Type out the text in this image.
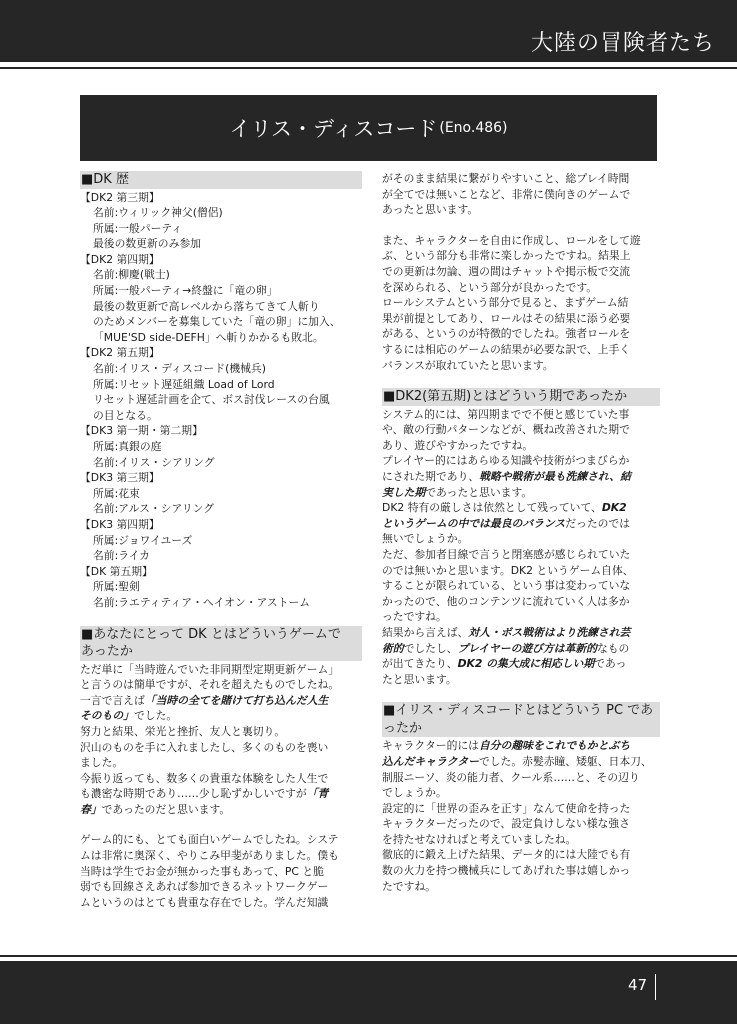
大陸の冒険者たち
イリス・ディスコード (Eno.486)
■DK 歴

【DK2 第三期】

名前:ウィリック神父(僧侶)

所属:一般パーティ

最後の数更新のみ参加

【DK2 第四期】

名前:柳慶(戦士)

所属:一般パーティ→終盤に「竜の卵」

最後の数更新で高レベルから落ちてきて人斬り

のためメンバーを募集していた「竜の卵」に加入、

「MUE'SD side-DEFH」へ斬りかかるも敗北。

【DK2 第五期】

名前:イリス・ディスコード(機械兵)

所属:リセット遅延組織 Load of Lord

リセット遅延計画を企て、ボス討伐レースの台風

の目となる。

【DK3 第一期・第二期】

所属:真銀の庭

名前:イリス・シアリング

【DK3 第三期】

所属:花束

名前:アルス・シアリング

【DK3 第四期】

所属:ジョワイユーズ

名前:ライカ

【DK 第五期】

所属:聖剣

名前:ラエティティア・ヘイオン・アストーム

■あなたにとって DK とはどういうゲームで
あったか

ただ単に「当時遊んでいた非同期型定期更新ゲーム」

と言うのは簡単ですが、それを超えたものでしたね。

一言で言えば「当時の全てを賭けて打ち込んだ人生

そのもの」でした。

努力と結果、栄光と挫折、友人と裏切り。

沢山のものを手に入れましたし、多くのものを喪い

ました。

今振り返っても、数多くの貴重な体験をした人生で

も濃密な時期であり……少し恥ずかしいですが「青

春」であったのだと思います。

ゲーム的にも、とても面白いゲームでしたね。システ

ムは非常に奥深く、やりこみ甲斐がありました。僕も

当時は学生でお金が無かった事もあって、PC と脆

弱でも回線さえあれば参加できるネットワークゲー

ムというのはとても貴重な存在でした。学んだ知識

がそのまま結果に繋がりやすいこと、総プレイ時間

が全てでは無いことなど、非常に僕向きのゲームで

あったと思います。

また、キャラクターを自由に作成し、ロールをして遊

ぶ、という部分も非常に楽しかったですね。結果上

での更新は勿論、週の間はチャットや掲示板で交流

を深められる、という部分が良かったです。

ロールシステムという部分で見ると、まずゲーム結

果が前提としてあり、ロールはその結果に添う必要

がある、というのが特徴的でしたね。強者ロールを

するには相応のゲームの結果が必要な訳で、上手く

バランスが取れていたと思います。

■DK2(第五期)とはどういう期であったか

システム的には、第四期までで不便と感じていた事

や、敵の行動パターンなどが、概ね改善された期で

あり、遊びやすかったですね。

プレイヤー的にはあらゆる知識や技術がつまびらか

にされた期であり、戦略や戦術が最も洗練され、結

実した期であったと思います。

DK2 特有の厳しさは依然として残っていて、DK2

というゲームの中では最良のバランスだったのでは

無いでしょうか。

ただ、参加者目線で言うと閉塞感が感じられていた

のでは無いかと思います。DK2 というゲーム自体、

することが限られている、という事は変わっていな

かったので、他のコンテンツに流れていく人は多か

ったですね。

結果から言えば、対人・ボス戦術はより洗練され芸

術的でしたし、プレイヤーの遊び方は革新的なもの

が出てきたり、DK2 の集大成に相応しい期であっ

たと思います。

■イリス・ディスコードとはどういう PC であ
ったか

キャラクター的には自分の趣味をこれでもかとぶち

込んだキャラクターでした。赤髪赤瞳、矮躯、日本刀、

制服ニーソ、炎の能力者、クール系……と、その辺り

でしょうか。

設定的に「世界の歪みを正す」なんて使命を持った

キャラクターだったので、設定負けしない様な強さ

を持たせなければと考えていましたね。

徹底的に鍛え上げた結果、データ的には大陸でも有

数の火力を持つ機械兵にしてあげれた事は嬉しかっ

たですね。

47
